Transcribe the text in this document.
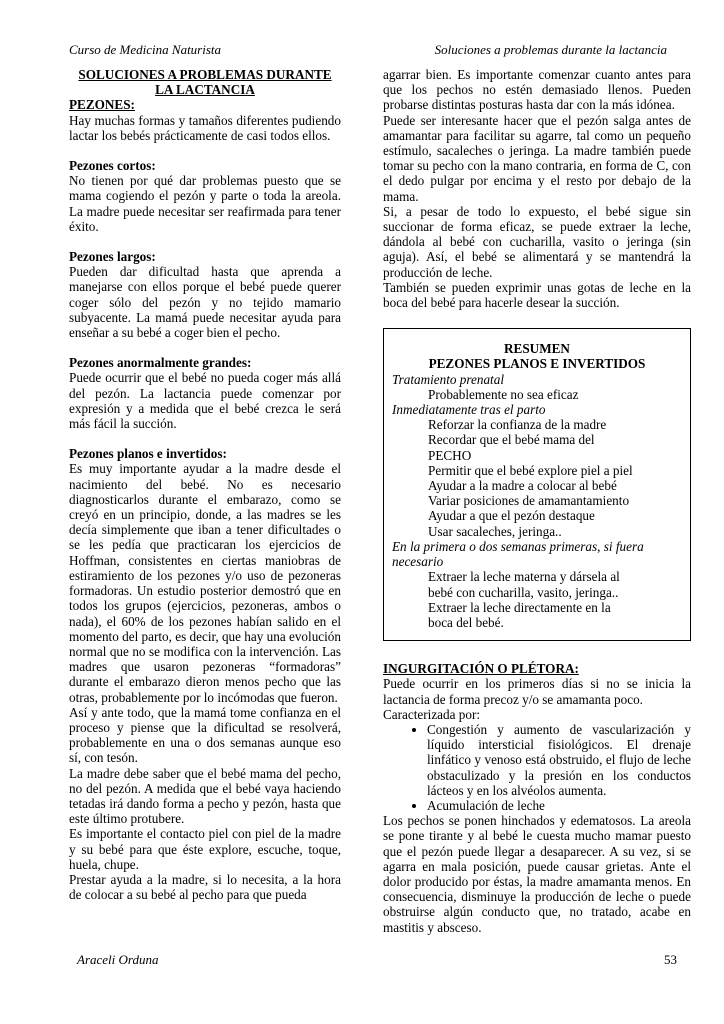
Curso de Medicina Naturista	Soluciones a problemas durante la lactancia

SOLUCIONES A PROBLEMAS DURANTE

LA LACTANCIA

PEZONES:

Hay muchas formas y tamaños diferentes pudiendo lactar los bebés prácticamente de casi todos ellos.

Pezones cortos:

No tienen por qué dar problemas puesto que se mama cogiendo el pezón y parte o toda la areola. La madre puede necesitar ser reafirmada para tener éxito.

Pezones largos:

Pueden dar dificultad hasta que aprenda a manejarse con ellos porque el bebé puede querer coger sólo del pezón y no tejido mamario subyacente. La mamá puede necesitar ayuda para enseñar a su bebé a coger bien el pecho.

Pezones anormalmente grandes:

Puede ocurrir que el bebé no pueda coger más allá del pezón. La lactancia puede comenzar por expresión y a medida que el bebé crezca le será más fácil la succión.

Pezones planos e invertidos:

Es muy importante ayudar a la madre desde el nacimiento del bebé. No es necesario diagnosticarlos durante el embarazo, como se creyó en un principio, donde, a las madres se les decía simplemente que iban a tener dificultades o se les pedía que practicaran los ejercicios de Hoffman, consistentes en ciertas maniobras de estiramiento de los pezones y/o uso de pezoneras formadoras. Un estudio posterior demostró que en todos los grupos (ejercicios, pezoneras, ambos o nada), el 60% de los pezones habían salido en el momento del parto, es decir, que hay una evolución normal que no se modifica con la intervención. Las madres que usaron pezoneras “formadoras” durante el embarazo dieron menos pecho que las otras, probablemente por lo incómodas que fueron.

Así y ante todo, que la mamá tome confianza en el proceso y piense que la dificultad se resolverá, probablemente en una o dos semanas aunque eso sí, con tesón.

La madre debe saber que el bebé mama del pecho, no del pezón. A medida que el bebé vaya haciendo tetadas irá dando forma a pecho y pezón, hasta que este último protubere.

Es importante el contacto piel con piel de la madre y su bebé para que éste explore, escuche, toque, huela, chupe.

Prestar ayuda a la madre, si lo necesita, a la hora de colocar a su bebé al pecho para que pueda

agarrar bien. Es importante comenzar cuanto antes para que los pechos no estén demasiado llenos. Pueden probarse distintas posturas hasta dar con la más idónea.

Puede ser interesante hacer que el pezón salga antes de amamantar para facilitar su agarre, tal como un pequeño estímulo, sacaleches o jeringa. La madre también puede tomar su pecho con la mano contraria, en forma de C, con el dedo pulgar por encima y el resto por debajo de la mama.

Si, a pesar de todo lo expuesto, el bebé sigue sin succionar de forma eficaz, se puede extraer la leche, dándola al bebé con cucharilla, vasito o jeringa (sin aguja). Así, el bebé se alimentará y se mantendrá la producción de leche.

También se pueden exprimir unas gotas de leche en la boca del bebé para hacerle desear la succión.

RESUMEN
PEZONES PLANOS E INVERTIDOS
Tratamiento prenatal
Probablemente no sea eficaz
Inmediatamente tras el parto
Reforzar la confianza de la madre
Recordar que el bebé mama del
PECHO
Permitir que el bebé explore piel a piel
Ayudar a la madre a colocar al bebé
Variar posiciones de amamantamiento
Ayudar a que el pezón destaque
Usar sacaleches, jeringa..
En la primera o dos semanas primeras, si fuera necesario
Extraer la leche materna y dársela al
bebé con cucharilla, vasito, jeringa..
Extraer la leche directamente en la
boca del bebé.

INGURGITACIÓN O PLÉTORA:

Puede ocurrir en los primeros días si no se inicia la lactancia de forma precoz y/o se amamanta poco.

Caracterizada por:

• Congestión y aumento de vascularización y líquido intersticial fisiológicos. El drenaje linfático y venoso está obstruido, el flujo de leche obstaculizado y la presión en los conductos lácteos y en los alvéolos aumenta.
• Acumulación de leche

Los pechos se ponen hinchados y edematosos. La areola se pone tirante y al bebé le cuesta mucho mamar puesto que el pezón puede llegar a desaparecer. A su vez, si se agarra en mala posición, puede causar grietas. Ante el dolor producido por éstas, la madre amamanta menos. En consecuencia, disminuye la producción de leche o puede obstruirse algún conducto que, no tratado, acabe en mastitis y absceso.

Araceli Orduna	53
